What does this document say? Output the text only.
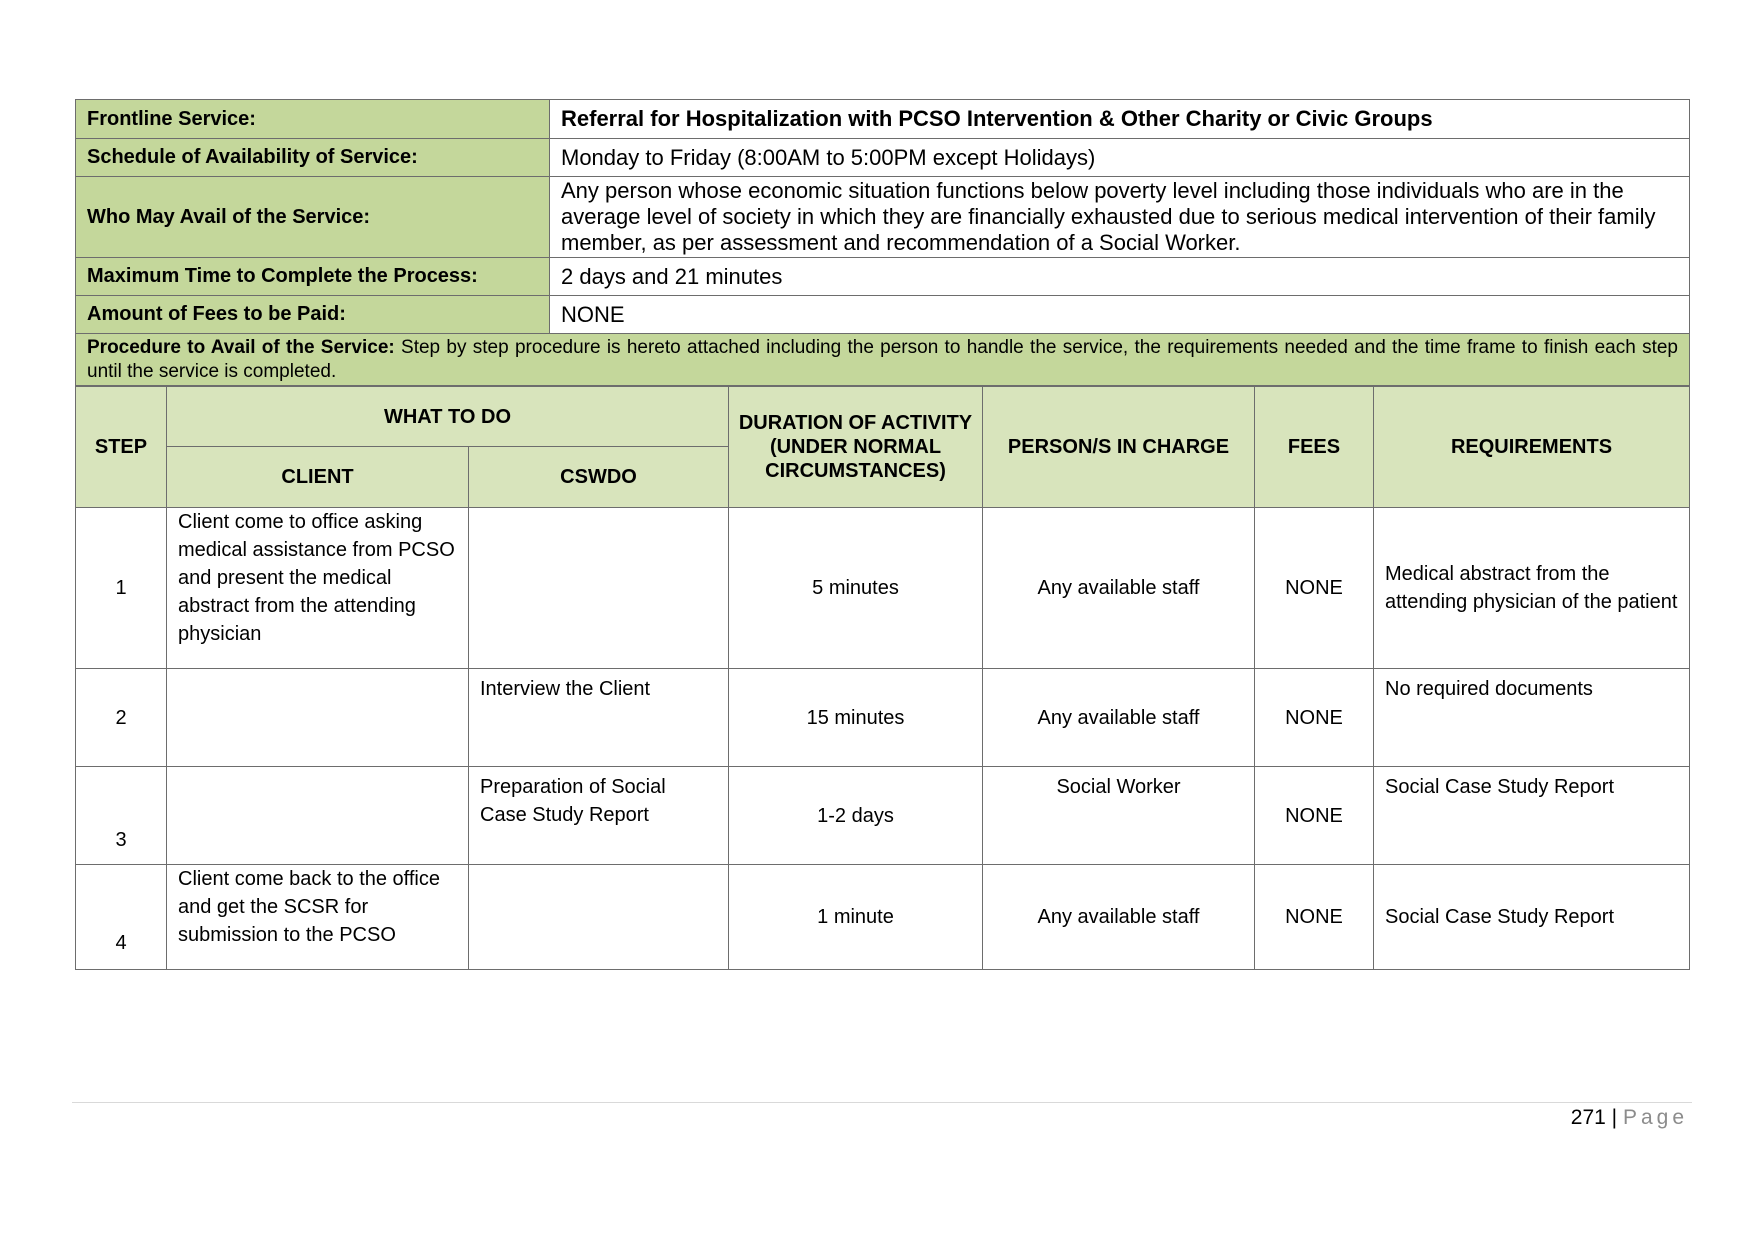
Frontline Service:	Referral for Hospitalization with PCSO Intervention & Other Charity or Civic Groups
Schedule of Availability of Service:	Monday to Friday (8:00AM to 5:00PM except Holidays)
Who May Avail of the Service:	Any person whose economic situation functions below poverty level including those individuals who are in the average level of society in which they are financially exhausted due to serious medical intervention of their family member, as per assessment and recommendation of a Social Worker.
Maximum Time to Complete the Process:	2 days and 21 minutes
Amount of Fees to be Paid:	NONE
Procedure to Avail of the Service: Step by step procedure is hereto attached including the person to handle the service, the requirements needed and the time frame to finish each step until the service is completed.	
STEP	WHAT TO DO		DURATION OF ACTIVITY (UNDER NORMAL CIRCUMSTANCES)	PERSON/S IN CHARGE	FEES	REQUIREMENTS
	CLIENT	CSWDO				
1	Client come to office asking medical assistance from PCSO and present the medical abstract from the attending physician		5 minutes	Any available staff	NONE	Medical abstract from the attending physician of the patient
2		Interview the Client	15 minutes	Any available staff	NONE	No required documents
3		Preparation of Social Case Study Report	1-2 days	Social Worker	NONE	Social Case Study Report
4	Client come back to the office and get the SCSR for submission to the PCSO		1 minute	Any available staff	NONE	Social Case Study Report
271 | Page
